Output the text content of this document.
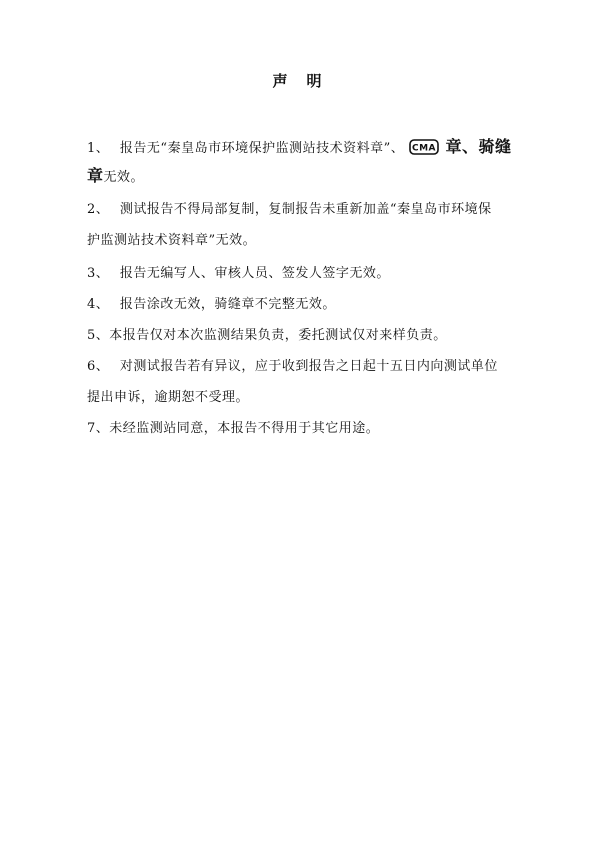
声 明
1、 报告无“秦皇岛市环境保护监测站技术资料章”、 CMA 章、骑缝
章无效。
2、 测试报告不得局部复制，复制报告未重新加盖“秦皇岛市环境保
护监测站技术资料章”无效。
3、 报告无编写人、审核人员、签发人签字无效。
4、 报告涂改无效，骑缝章不完整无效。
5、本报告仅对本次监测结果负责，委托测试仅对来样负责。
6、 对测试报告若有异议，应于收到报告之日起十五日内向测试单位
提出申诉，逾期恕不受理。
7、未经监测站同意，本报告不得用于其它用途。
